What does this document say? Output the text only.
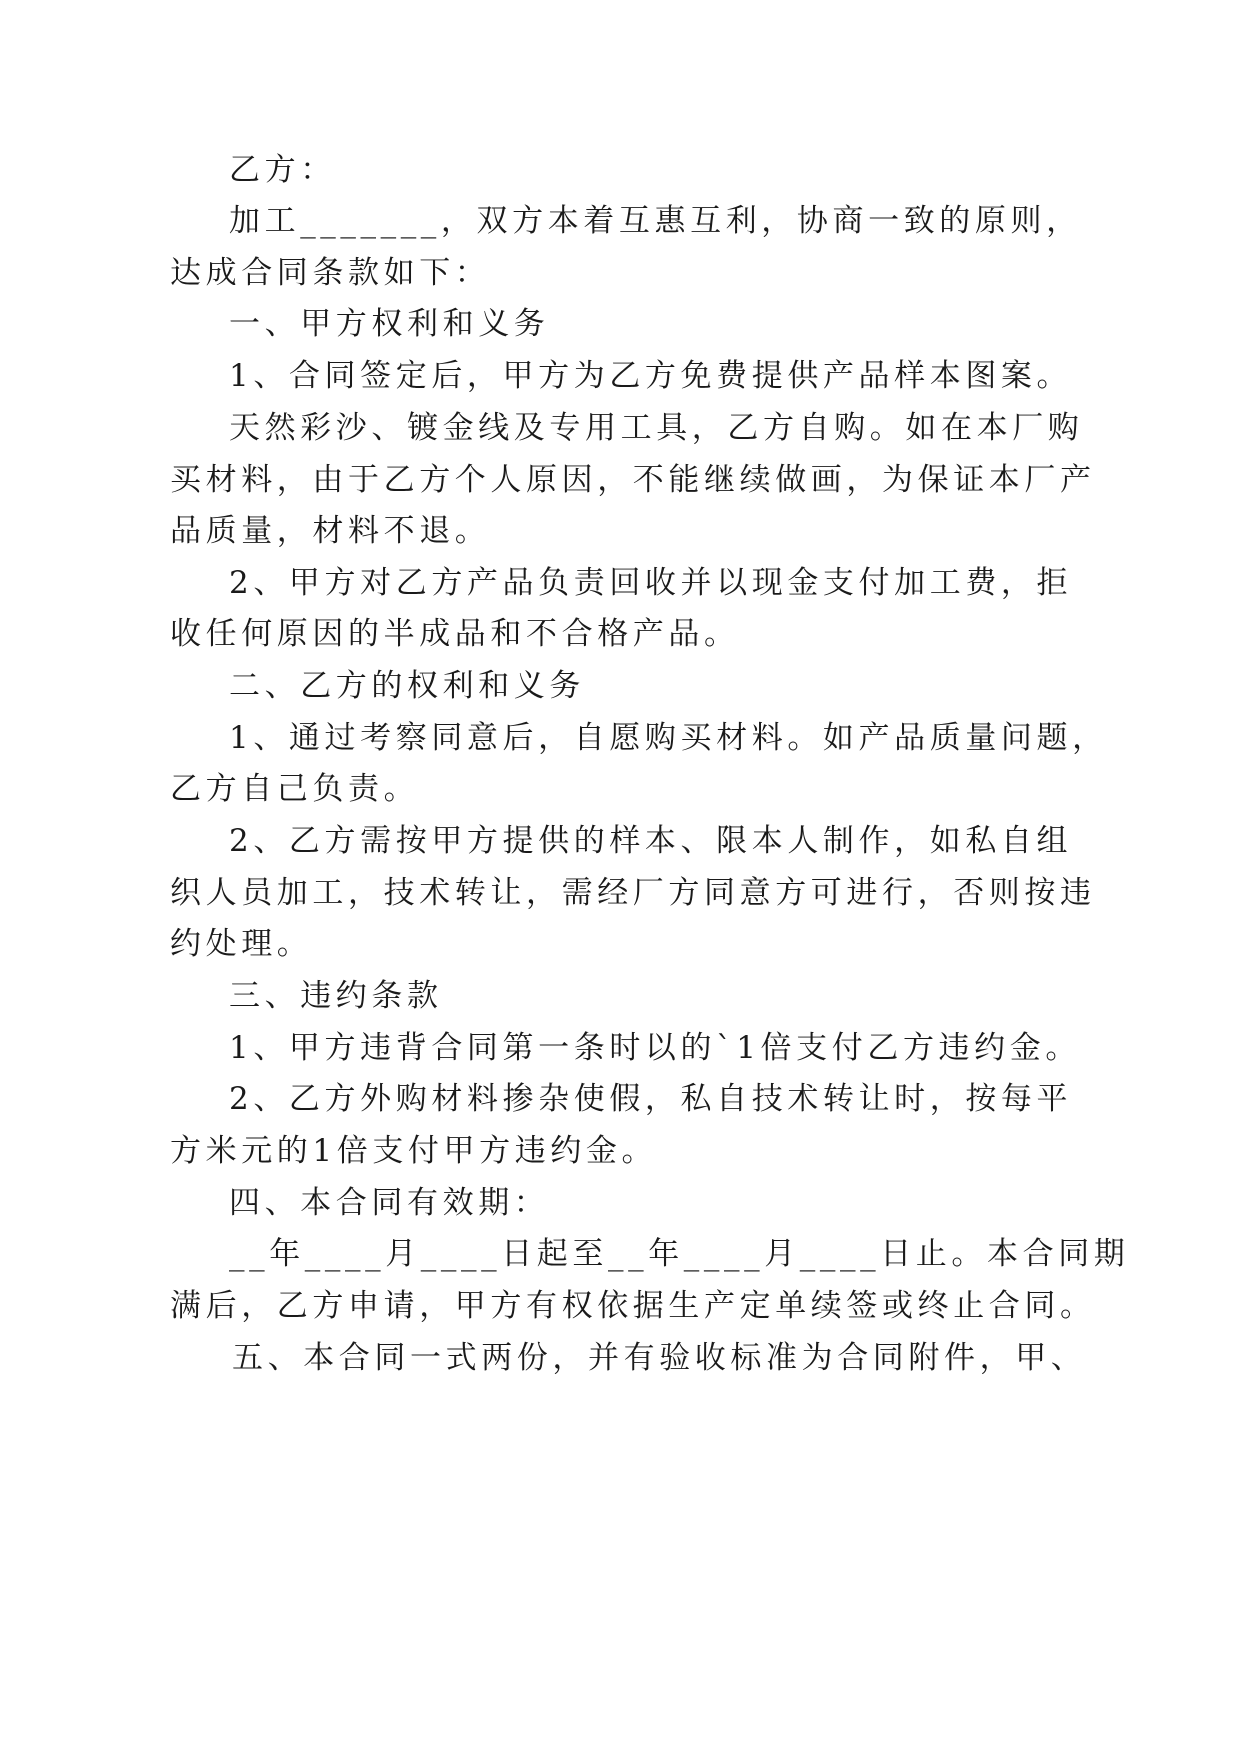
乙方：
加工_______，双方本着互惠互利，协商一致的原则，
达成合同条款如下：
一、甲方权利和义务
1、合同签定后，甲方为乙方免费提供产品样本图案。
天然彩沙、镀金线及专用工具，乙方自购。如在本厂购
买材料，由于乙方个人原因，不能继续做画，为保证本厂产
品质量，材料不退。
2、甲方对乙方产品负责回收并以现金支付加工费，拒
收任何原因的半成品和不合格产品。
二、乙方的权利和义务
1、通过考察同意后，自愿购买材料。如产品质量问题，
乙方自己负责。
2、乙方需按甲方提供的样本、限本人制作，如私自组
织人员加工，技术转让，需经厂方同意方可进行，否则按违
约处理。
三、违约条款
1、甲方违背合同第一条时以的`1倍支付乙方违约金。
2、乙方外购材料掺杂使假，私自技术转让时，按每平
方米元的1倍支付甲方违约金。
四、本合同有效期：
__年____月____日起至__年____月____日止。本合同期
满后，乙方申请，甲方有权依据生产定单续签或终止合同。
五、本合同一式两份，并有验收标准为合同附件，甲、
